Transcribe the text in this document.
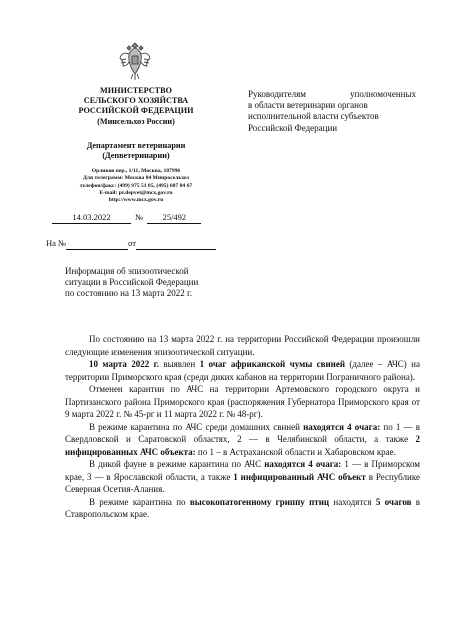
МИНИСТЕРСТВО
СЕЛЬСКОГО ХОЗЯЙСТВА
РОССИЙСКОЙ ФЕДЕРАЦИИ
(Минсельхоз России)
Департамент ветеринарии
(Депветеринарии)
Орликов пер., 1/11, Москва, 107996
Для телеграмм: Москва 84 Минросельхоз
телефон/факс: (499) 975 51 05, (495) 607 84 67
E-mail: pr.depvet@mcx.gov.ru
http://www.mcx.gov.ru
14.03.2022	№ 25/492
На №	от
Руководителям уполномоченных
в области ветеринарии органов
исполнительной власти субъектов
Российской Федерации
Информация об эпизоотической
ситуации в Российской Федерации
по состоянию на 13 марта 2022 г.

По состоянию на 13 марта 2022 г. на территории Российской Федерации произошли следующие изменения эпизоотической ситуации.

10 марта 2022 г. выявлен 1 очаг африканской чумы свиней (далее – АЧС) на территории Приморского края (среди диких кабанов на территории Пограничного района).

Отменен карантин по АЧС на территории Артемовского городского округа и Партизанского района Приморского края (распоряжения Губернатора Приморского края от 9 марта 2022 г. № 45-рг и 11 марта 2022 г. № 48-рг).

В режиме карантина по АЧС среди домашних свиней находятся 4 очага: по 1 — в Свердловской и Саратовской областях, 2 — в Челябинской области, а также 2 инфицированных АЧС объекта: по 1 – в Астраханской области и Хабаровском крае.

В дикой фауне в режиме карантина по АЧС находятся 4 очага: 1 — в Приморском крае, 3 — в Ярославской области, а также 1 инфицированный АЧС объект в Республике Северная Осетия-Алания.

В режиме карантина по высокопатогенному гриппу птиц находятся 5 очагов в Ставропольском крае.
